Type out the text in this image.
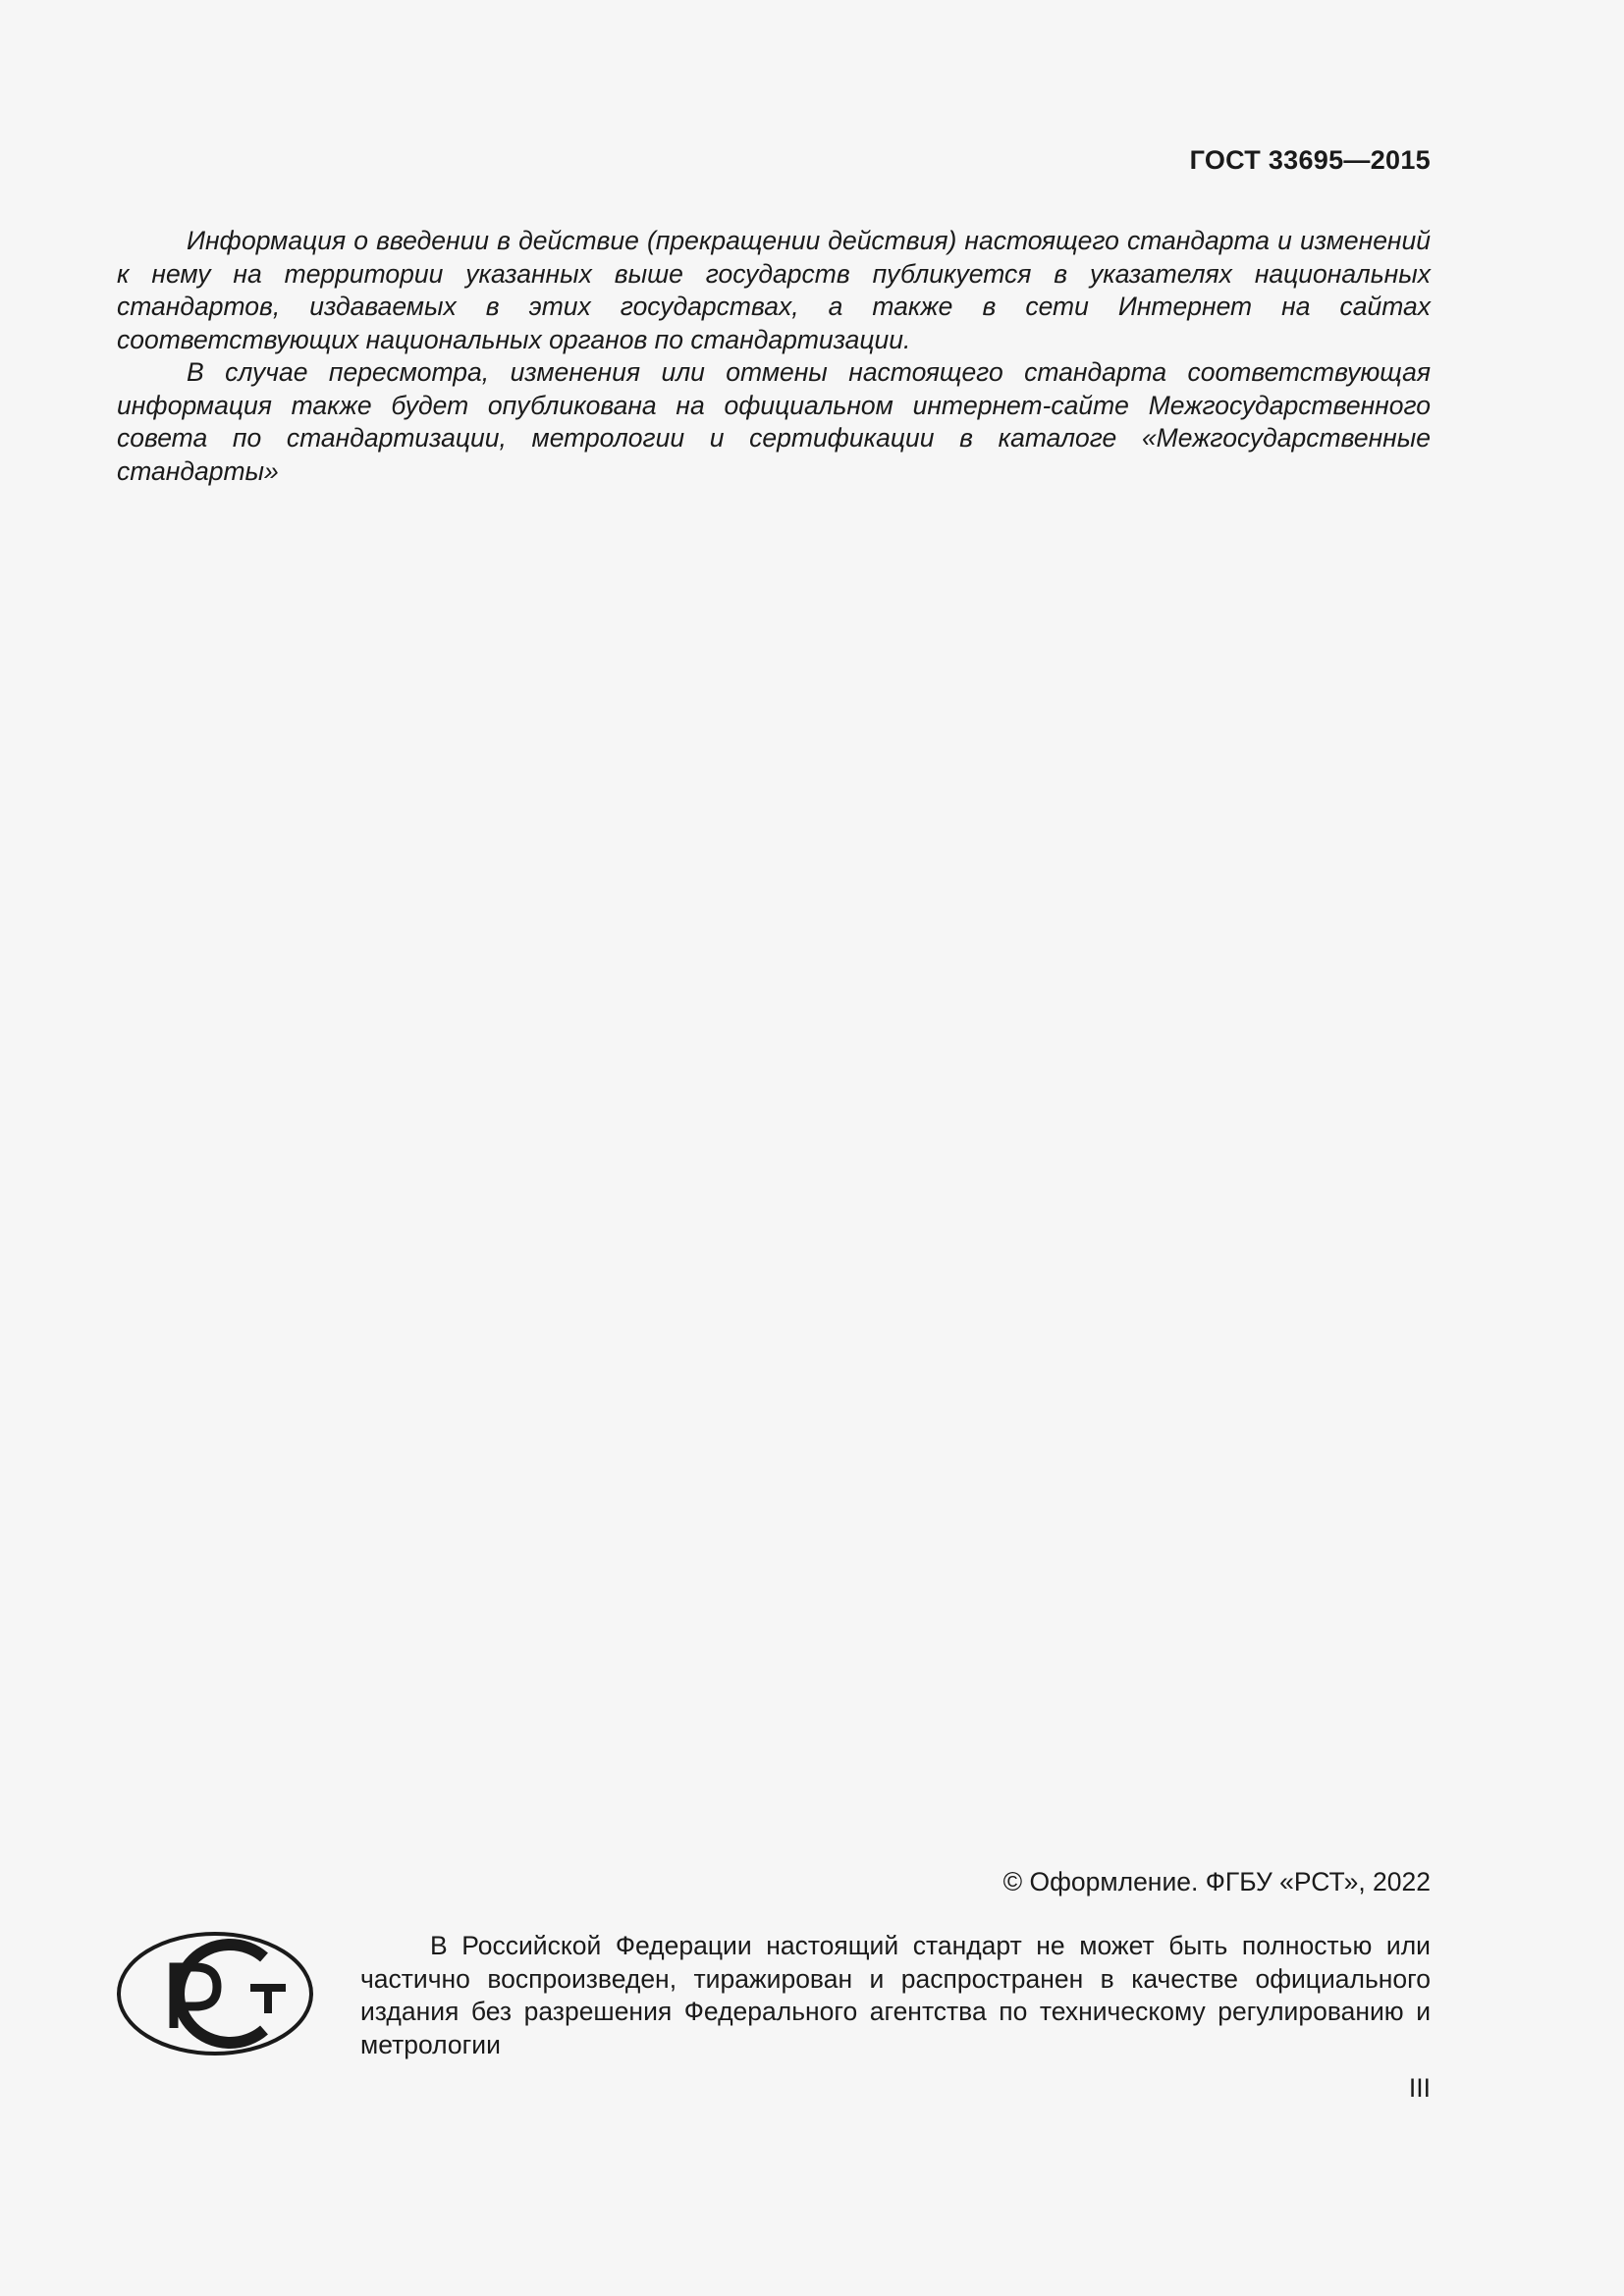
ГОСТ 33695—2015

Информация о введении в действие (прекращении действия) настоящего стандарта и изменений к нему на территории указанных выше государств публикуется в указателях национальных стандартов, издаваемых в этих государствах, а также в сети Интернет на сайтах соответствующих национальных органов по стандартизации.

В случае пересмотра, изменения или отмены настоящего стандарта соответствующая информация также будет опубликована на официальном интернет-сайте Межгосударственного совета по стандартизации, метрологии и сертификации в каталоге «Межгосударственные стандарты»

© Оформление. ФГБУ «РСТ», 2022

В Российской Федерации настоящий стандарт не может быть полностью или частично воспроизведен, тиражирован и распространен в качестве официального издания без разрешения Федерального агентства по техническому регулированию и метрологии

III
